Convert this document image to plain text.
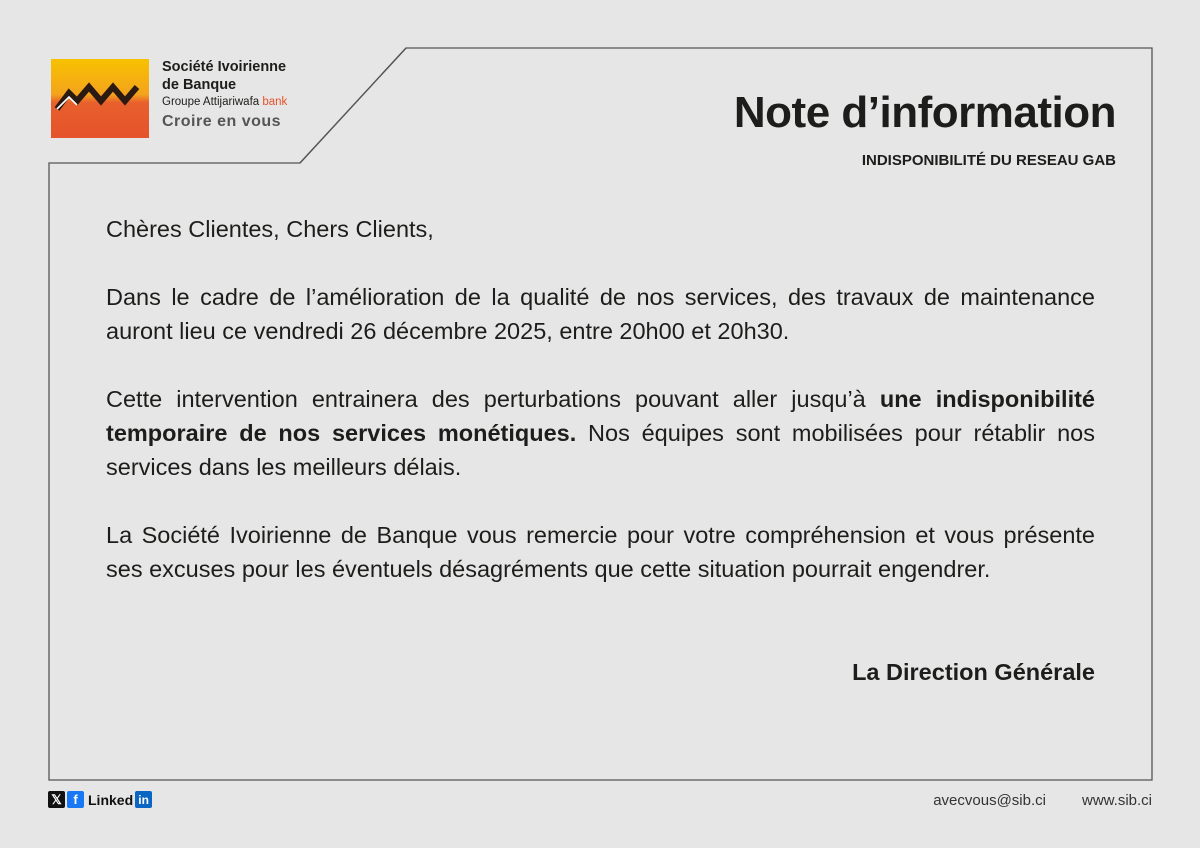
Société Ivoirienne
de Banque
Groupe Attijariwafa bank
Croire en vous	Note d’information
INDISPONIBILITÉ DU RESEAU GAB

Chères Clientes, Chers Clients,

Dans le cadre de l’amélioration de la qualité de nos services, des travaux de maintenance auront lieu ce vendredi 26 décembre 2025, entre 20h00 et 20h30.

Cette intervention entrainera des perturbations pouvant aller jusqu’à une indisponibilité temporaire de nos services monétiques. Nos équipes sont mobilisées pour rétablir nos services dans les meilleurs délais.

La Société Ivoirienne de Banque vous remercie pour votre compréhension et vous présente ses excuses pour les éventuels désagréments que cette situation pourrait engendrer.

La Direction Générale
𝕏 f Linked in	avecvous@sib.ci www.sib.ci
